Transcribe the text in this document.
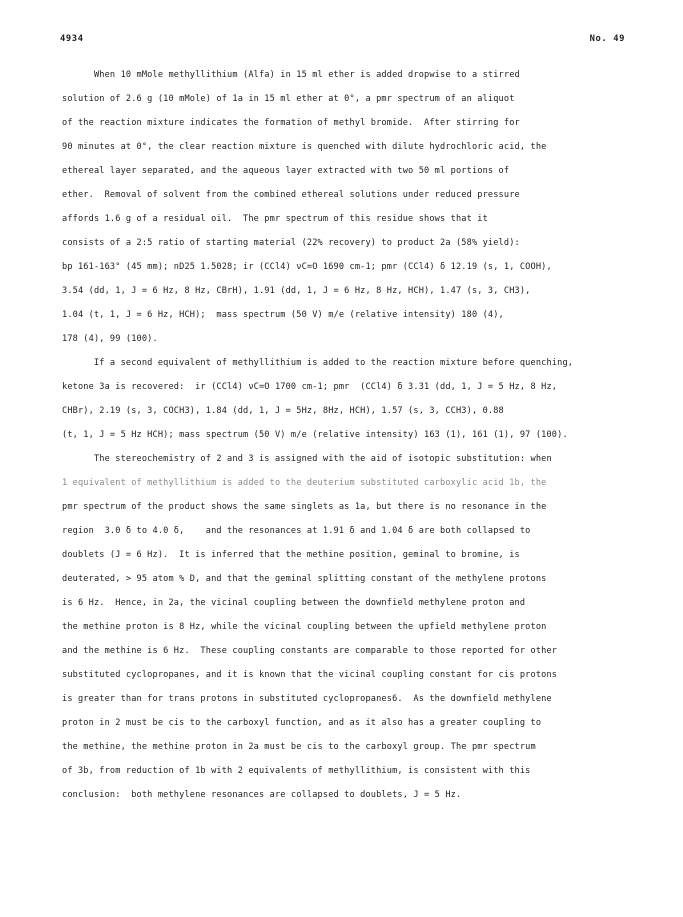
4934	No. 49
When 10 mMole methyllithium (Alfa) in 15 ml ether is added dropwise to a stirred
solution of 2.6 g (10 mMole) of 1a in 15 ml ether at 0°, a pmr spectrum of an aliquot
of the reaction mixture indicates the formation of methyl bromide.  After stirring for
90 minutes at 0°, the clear reaction mixture is quenched with dilute hydrochloric acid, the
ethereal layer separated, and the aqueous layer extracted with two 50 ml portions of
ether.  Removal of solvent from the combined ethereal solutions under reduced pressure
affords 1.6 g of a residual oil.  The pmr spectrum of this residue shows that it
consists of a 2:5 ratio of starting material (22% recovery) to product 2a (58% yield):
bp 161-163° (45 mm); nD25 1.5028; ir (CCl4) νC=O 1690 cm-1; pmr (CCl4) δ 12.19 (s, 1, COOH),
3.54 (dd, 1, J = 6 Hz, 8 Hz, CBrH), 1.91 (dd, 1, J = 6 Hz, 8 Hz, HCH), 1.47 (s, 3, CH3),
1.04 (t, 1, J = 6 Hz, HCH);  mass spectrum (50 V) m/e (relative intensity) 180 (4),
178 (4), 99 (100).
If a second equivalent of methyllithium is added to the reaction mixture before quenching,
ketone 3a is recovered:  ir (CCl4) νC=O 1700 cm-1; pmr  (CCl4) δ 3.31 (dd, 1, J = 5 Hz, 8 Hz,
CHBr), 2.19 (s, 3, COCH3), 1.84 (dd, 1, J = 5Hz, 8Hz, HCH), 1.57 (s, 3, CCH3), 0.88
(t, 1, J = 5 Hz HCH); mass spectrum (50 V) m/e (relative intensity) 163 (1), 161 (1), 97 (100).
The stereochemistry of 2 and 3 is assigned with the aid of isotopic substitution: when
1 equivalent of methyllithium is added to the deuterium substituted carboxylic acid 1b, the
pmr spectrum of the product shows the same singlets as 1a, but there is no resonance in the
region  3.0 δ to 4.0 δ,    and the resonances at 1.91 δ and 1.04 δ are both collapsed to
doublets (J = 6 Hz).  It is inferred that the methine position, geminal to bromine, is
deuterated, > 95 atom % D, and that the geminal splitting constant of the methylene protons
is 6 Hz.  Hence, in 2a, the vicinal coupling between the downfield methylene proton and
the methine proton is 8 Hz, while the vicinal coupling between the upfield methylene proton
and the methine is 6 Hz.  These coupling constants are comparable to those reported for other
substituted cyclopropanes, and it is known that the vicinal coupling constant for cis protons
is greater than for trans protons in substituted cyclopropanes6.  As the downfield methylene
proton in 2 must be cis to the carboxyl function, and as it also has a greater coupling to
the methine, the methine proton in 2a must be cis to the carboxyl group. The pmr spectrum
of 3b, from reduction of 1b with 2 equivalents of methyllithium, is consistent with this
conclusion:  both methylene resonances are collapsed to doublets, J = 5 Hz.
